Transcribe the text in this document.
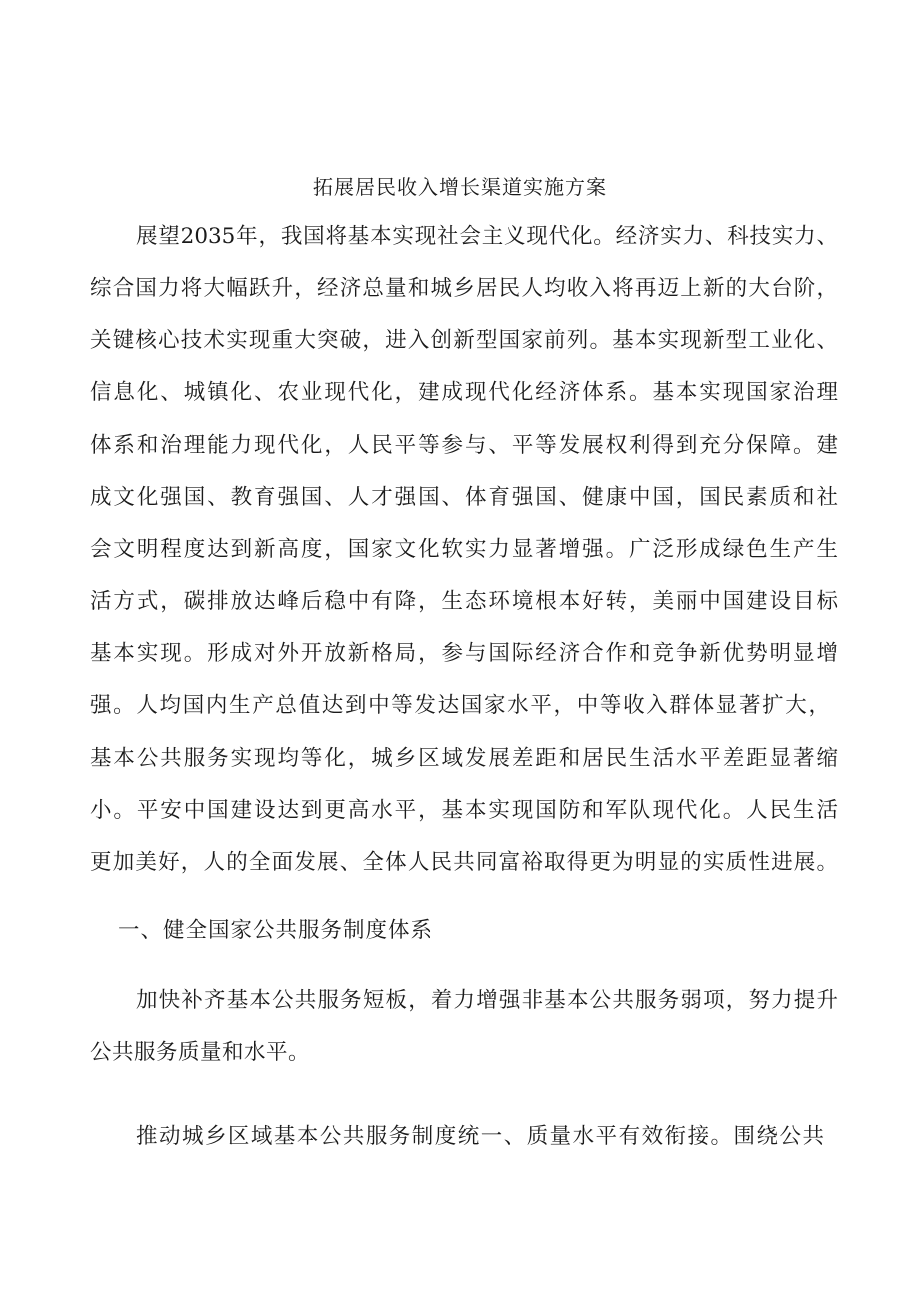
拓展居民收入增长渠道实施方案

展望2035年，我国将基本实现社会主义现代化。经济实力、科技实力、

综合国力将大幅跃升，经济总量和城乡居民人均收入将再迈上新的大台阶，

关键核心技术实现重大突破，进入创新型国家前列。基本实现新型工业化、

信息化、城镇化、农业现代化，建成现代化经济体系。基本实现国家治理

体系和治理能力现代化，人民平等参与、平等发展权利得到充分保障。建

成文化强国、教育强国、人才强国、体育强国、健康中国，国民素质和社

会文明程度达到新高度，国家文化软实力显著增强。广泛形成绿色生产生

活方式，碳排放达峰后稳中有降，生态环境根本好转，美丽中国建设目标

基本实现。形成对外开放新格局，参与国际经济合作和竞争新优势明显增

强。人均国内生产总值达到中等发达国家水平，中等收入群体显著扩大，

基本公共服务实现均等化，城乡区域发展差距和居民生活水平差距显著缩

小。平安中国建设达到更高水平，基本实现国防和军队现代化。人民生活

更加美好，人的全面发展、全体人民共同富裕取得更为明显的实质性进展。

一、健全国家公共服务制度体系

加快补齐基本公共服务短板，着力增强非基本公共服务弱项，努力提升

公共服务质量和水平。

推动城乡区域基本公共服务制度统一、质量水平有效衔接。围绕公共
